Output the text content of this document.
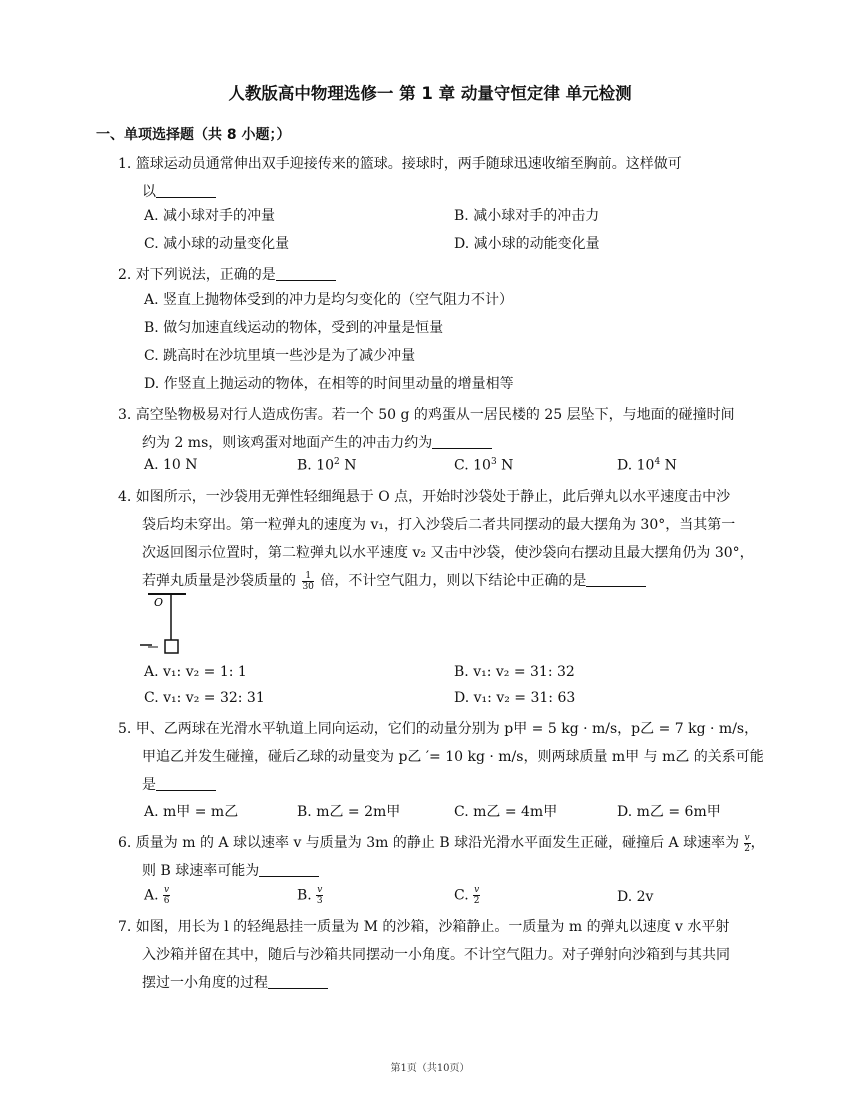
人教版高中物理选修一 第 1 章 动量守恒定律 单元检测
一、单项选择题（共 8 小题；）
1. 篮球运动员通常伸出双手迎接传来的篮球。接球时，两手随球迅速收缩至胸前。这样做可
以
A. 减小球对手的冲量	B. 减小球对手的冲击力
C. 减小球的动量变化量	D. 减小球的动能变化量
2. 对下列说法，正确的是
A. 竖直上抛物体受到的冲力是均匀变化的（空气阻力不计）
B. 做匀加速直线运动的物体，受到的冲量是恒量
C. 跳高时在沙坑里填一些沙是为了减少冲量
D. 作竖直上抛运动的物体，在相等的时间里动量的增量相等
3. 高空坠物极易对行人造成伤害。若一个 50 g 的鸡蛋从一居民楼的 25 层坠下，与地面的碰撞时间
约为 2 ms，则该鸡蛋对地面产生的冲击力约为
A. 10 N	B. $10^2$ N	C. $10^3$ N	D. $10^4$ N
4. 如图所示，一沙袋用无弹性轻细绳悬于 O 点，开始时沙袋处于静止，此后弹丸以水平速度击中沙
袋后均未穿出。第一粒弹丸的速度为 v₁，打入沙袋后二者共同摆动的最大摆角为 30°，当其第一
次返回图示位置时，第二粒弹丸以水平速度 v₂ 又击中沙袋，使沙袋向右摆动且最大摆角仍为 30°，
若弹丸质量是沙袋质量的 $\frac{1}{30}$ 倍，不计空气阻力，则以下结论中正确的是
O
A. v₁: v₂ = 1: 1	B. v₁: v₂ = 31: 32
C. v₁: v₂ = 32: 31	D. v₁: v₂ = 31: 63
5. 甲、乙两球在光滑水平轨道上同向运动，它们的动量分别为 p甲 = 5 kg · m/s，p乙 = 7 kg · m/s，
甲追乙并发生碰撞，碰后乙球的动量变为 p乙 ′= 10 kg · m/s，则两球质量 m甲 与 m乙 的关系可能
是
A. m甲 = m乙	B. m乙 = 2m甲	C. m乙 = 4m甲	D. m乙 = 6m甲
6. 质量为 m 的 A 球以速率 v 与质量为 3m 的静止 B 球沿光滑水平面发生正碰，碰撞后 A 球速率为 $\frac{v}{2}$ ，
则 B 球速率可能为
A. $\frac{v}{6}$	B. $\frac{v}{3}$	C. $\frac{v}{2}$	D. 2v
7. 如图，用长为 l 的轻绳悬挂一质量为 M 的沙箱，沙箱静止。一质量为 m 的弹丸以速度 v 水平射
入沙箱并留在其中，随后与沙箱共同摆动一小角度。不计空气阻力。对子弹射向沙箱到与其共同
摆过一小角度的过程
第1页（共10页）
